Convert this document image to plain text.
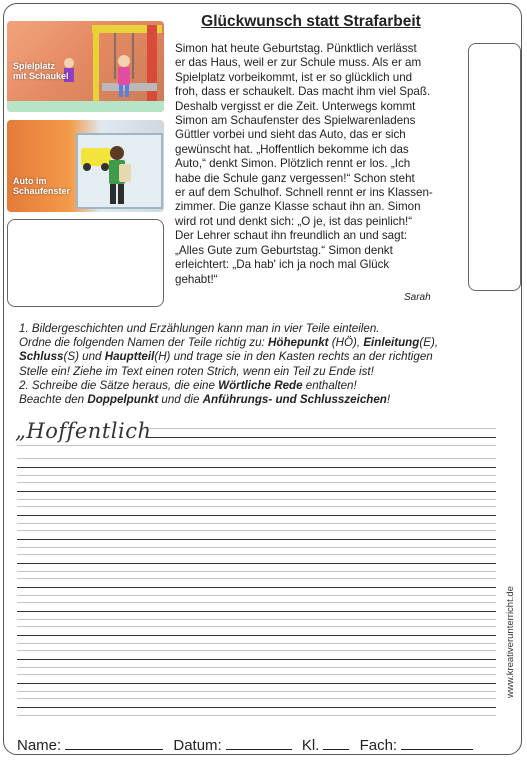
Glückwunsch statt Strafarbeit
Spielplatz
mit Schaukel
Auto im
Schaufenster

Simon hat heute Geburtstag. Pünktlich verlässt
er das Haus, weil er zur Schule muss. Als er am
Spielplatz vorbeikommt, ist er so glücklich und
froh, dass er schaukelt. Das macht ihm viel Spaß.
Deshalb vergisst er die Zeit. Unterwegs kommt
Simon am Schaufenster des Spielwarenladens
Güttler vorbei und sieht das Auto, das er sich
gewünscht hat. „Hoffentlich bekomme ich das
Auto,“ denkt Simon. Plötzlich rennt er los. „Ich
habe die Schule ganz vergessen!“ Schon steht
er auf dem Schulhof. Schnell rennt er ins Klassen-
zimmer. Die ganze Klasse schaut ihn an. Simon
wird rot und denkt sich: „O je, ist das peinlich!“
Der Lehrer schaut ihn freundlich an und sagt:
„Alles Gute zum Geburtstag.“ Simon denkt
erleichtert: „Da hab' ich ja noch mal Glück
gehabt!“

Sarah

1. Bildergeschichten und Erzählungen kann man in vier Teile einteilen.

Ordne die folgenden Namen der Teile richtig zu: Höhepunkt (HÖ), Einleitung(E),

Schluss(S) und Hauptteil(H) und trage sie in den Kasten rechts an der richtigen

Stelle ein! Ziehe im Text einen roten Strich, wenn ein Teil zu Ende ist!

2. Schreibe die Sätze heraus, die eine Wörtliche Rede enthalten!

Beachte den Doppelpunkt und die Anführungs- und Schlusszeichen!

„Hoffentlich
www.kreativerunterricht.de
Name:	Datum:	Kl.	Fach:
